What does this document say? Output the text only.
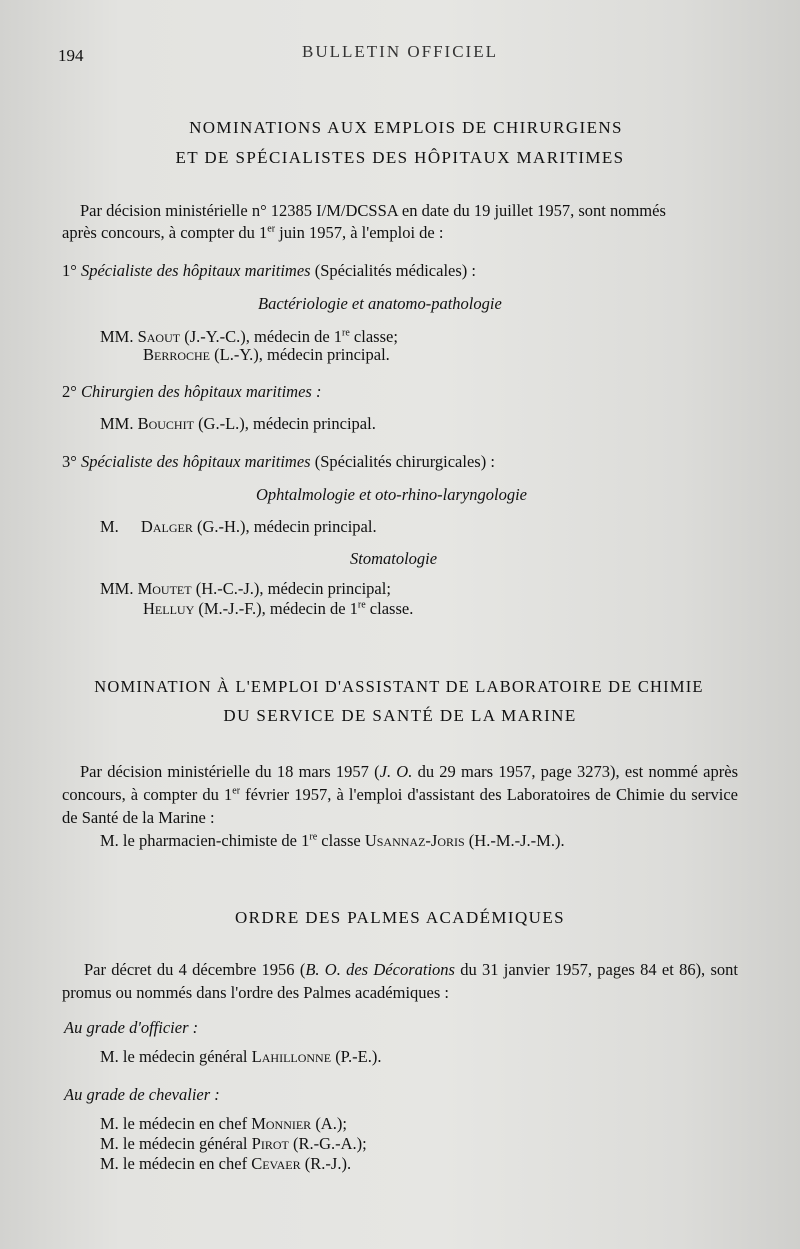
194	BULLETIN OFFICIEL
NOMINATIONS AUX EMPLOIS DE CHIRURGIENS
ET DE SPÉCIALISTES DES HÔPITAUX MARITIMES
Par décision ministérielle n° 12385 I/M/DCSSA en date du 19 juillet 1957, sont nommés
après concours, à compter du 1er juin 1957, à l'emploi de :
1° Spécialiste des hôpitaux maritimes (Spécialités médicales) :
Bactériologie et anatomo-pathologie
MM. Saout (J.-Y.-C.), médecin de 1re classe;
Berroche (L.-Y.), médecin principal.
2° Chirurgien des hôpitaux maritimes :
MM. Bouchit (G.-L.), médecin principal.
3° Spécialiste des hôpitaux maritimes (Spécialités chirurgicales) :
Ophtalmologie et oto-rhino-laryngologie
M. Dalger (G.-H.), médecin principal.
Stomatologie
MM. Moutet (H.-C.-J.), médecin principal;
Helluy (M.-J.-F.), médecin de 1re classe.
NOMINATION À L'EMPLOI D'ASSISTANT DE LABORATOIRE DE CHIMIE
DU SERVICE DE SANTÉ DE LA MARINE
Par décision ministérielle du 18 mars 1957 (J. O. du 29 mars 1957, page 3273), est nommé après concours, à compter du 1er février 1957, à l'emploi d'assistant des Laboratoires de Chimie du service de Santé de la Marine :
M. le pharmacien-chimiste de 1re classe Usannaz-Joris (H.-M.-J.-M.).
ORDRE DES PALMES ACADÉMIQUES
Par décret du 4 décembre 1956 (B. O. des Décorations du 31 janvier 1957, pages 84 et 86), sont promus ou nommés dans l'ordre des Palmes académiques :
Au grade d'officier :
M. le médecin général Lahillonne (P.-E.).
Au grade de chevalier :
M. le médecin en chef Monnier (A.);
M. le médecin général Pirot (R.-G.-A.);
M. le médecin en chef Cevaer (R.-J.).
